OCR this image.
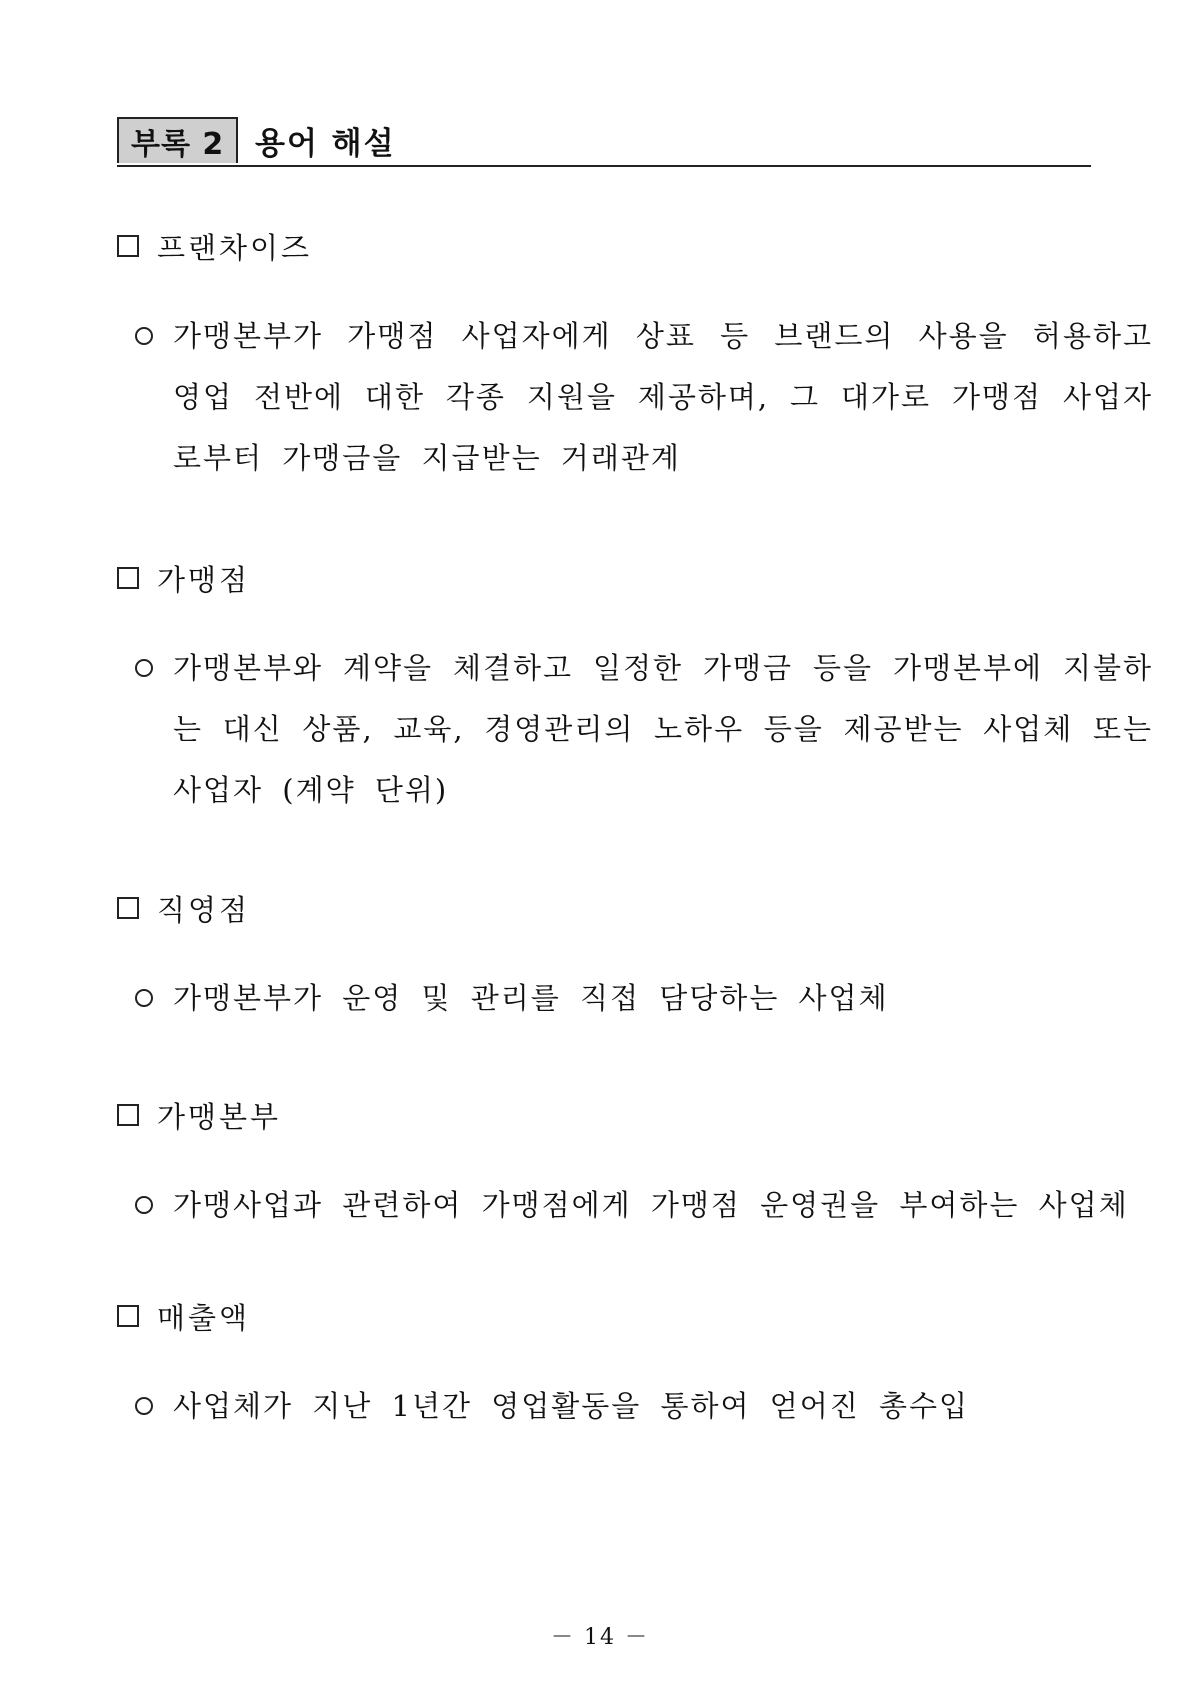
부록 2 용어 해설
프랜차이즈
가맹본부가 가맹점 사업자에게 상표 등 브랜드의 사용을 허용하고 영업 전반에 대한 각종 지원을 제공하며, 그 대가로 가맹점 사업자로부터 가맹금을 지급받는 거래관계
가맹점
가맹본부와 계약을 체결하고 일정한 가맹금 등을 가맹본부에 지불하는 대신 상품, 교육, 경영관리의 노하우 등을 제공받는 사업체 또는 사업자 (계약 단위)
직영점
가맹본부가 운영 및 관리를 직접 담당하는 사업체
가맹본부
가맹사업과 관련하여 가맹점에게 가맹점 운영권을 부여하는 사업체
매출액
사업체가 지난 1년간 영업활동을 통하여 얻어진 총수입
－ 14 －
